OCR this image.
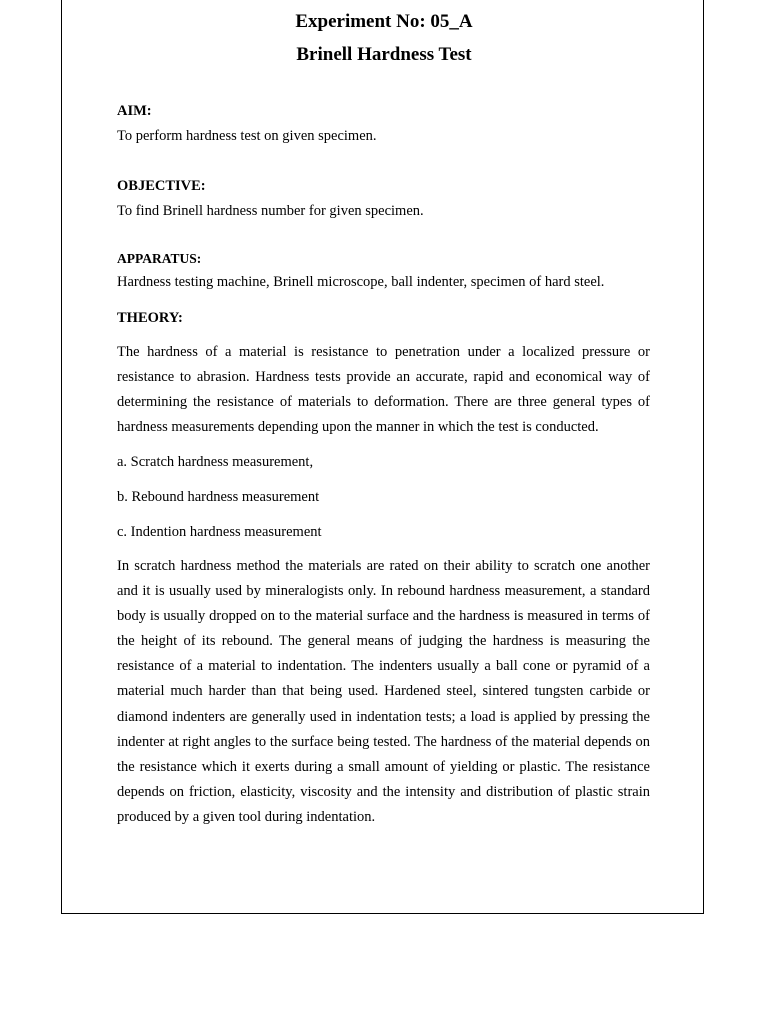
Experiment No: 05_A
Brinell Hardness Test
AIM:
To perform hardness test on given specimen.
OBJECTIVE:
To find Brinell hardness number for given specimen.
APPARATUS:
Hardness testing machine, Brinell microscope, ball indenter, specimen of hard steel.
THEORY:

The hardness of a material is resistance to penetration under a localized pressure or resistance to abrasion. Hardness tests provide an accurate, rapid and economical way of determining the resistance of materials to deformation. There are three general types of hardness measurements depending upon the manner in which the test is conducted.

a. Scratch hardness measurement,
b. Rebound hardness measurement
c. Indention hardness measurement

In scratch hardness method the materials are rated on their ability to scratch one another and it is usually used by mineralogists only. In rebound hardness measurement, a standard body is usually dropped on to the material surface and the hardness is measured in terms of the height of its rebound. The general means of judging the hardness is measuring the resistance of a material to indentation. The indenters usually a ball cone or pyramid of a material much harder than that being used. Hardened steel, sintered tungsten carbide or diamond indenters are generally used in indentation tests; a load is applied by pressing the indenter at right angles to the surface being tested. The hardness of the material depends on the resistance which it exerts during a small amount of yielding or plastic. The resistance depends on friction, elasticity, viscosity and the intensity and distribution of plastic strain produced by a given tool during indentation.
